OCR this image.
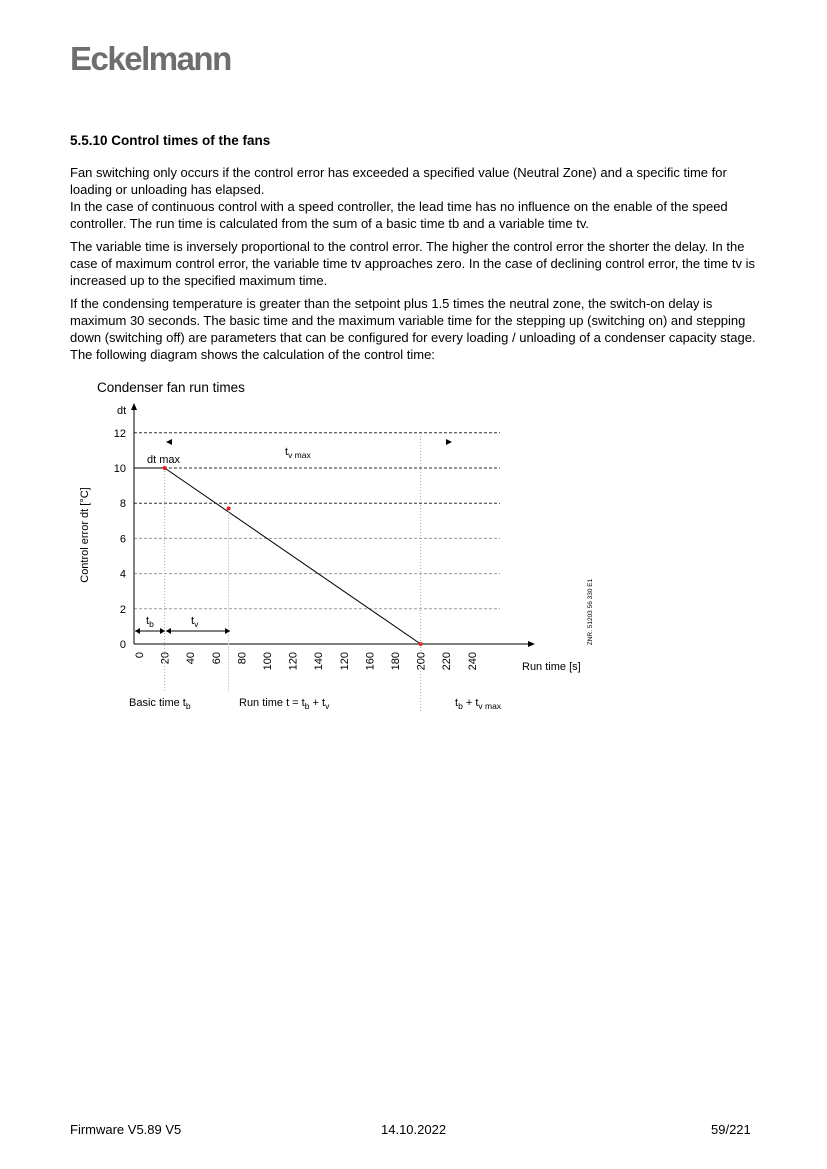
Eckelmann
5.5.10 Control times of the fans

Fan switching only occurs if the control error has exceeded a specified value (Neutral Zone) and a specific time for loading or unloading has elapsed.
In the case of continuous control with a speed controller, the lead time has no influence on the enable of the speed controller. The run time is calculated from the sum of a basic time tb and a variable time tv.

The variable time is inversely proportional to the control error. The higher the control error the shorter the delay. In the case of maximum control error, the variable time tv approaches zero. In the case of declining control error, the time tv is increased up to the specified maximum time.

If the condensing temperature is greater than the setpoint plus 1.5 times the neutral zone, the switch-on delay is maximum 30 seconds. The basic time and the maximum variable time for the stepping up (switching on) and stepping down (switching off) are parameters that can be configured for every loading / unloading of a condenser capacity stage. The following diagram shows the calculation of the control time:

Condenser fan run times
dt
Control error dt [°C]
Run time [s]
ZNR. 51203 56 330 E1
0
2
4
6
8
10
12
0 20 40 60 80 100 120 140 120 160 180 200 220 240
dt max
$t_{v max}$
$t_b$	$t_v$
Basic time $t_b$	Run time $t = t_b + t_v$	$t_b + t_{v max}$
Firmware V5.89 V5	14.10.2022	59/221
